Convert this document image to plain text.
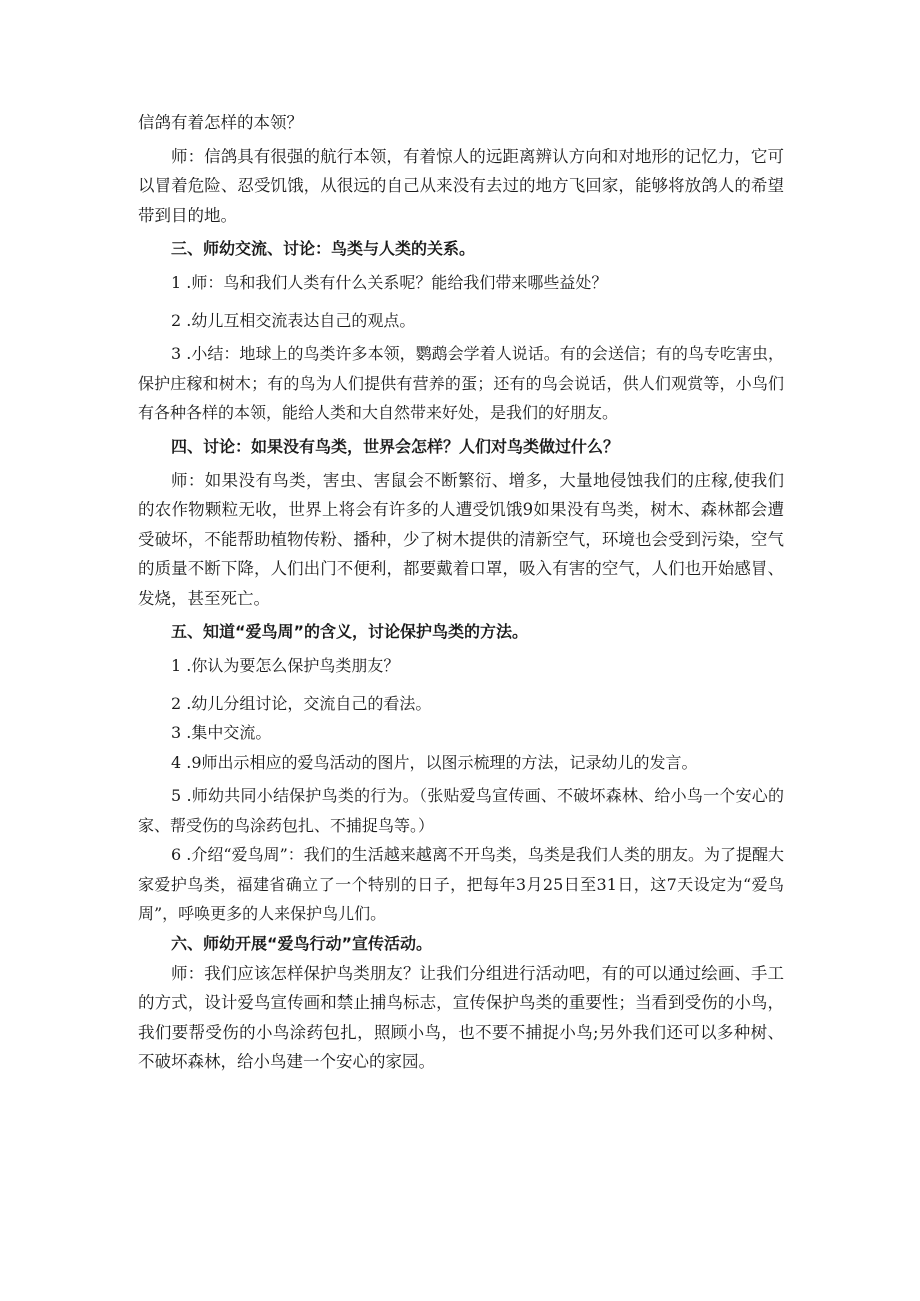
信鸽有着怎样的本领？

师：信鸽具有很强的航行本领，有着惊人的远距离辨认方向和对地形的记忆力，它可以冒着危险、忍受饥饿，从很远的自己从来没有去过的地方飞回家，能够将放鸽人的希望带到目的地。

三、师幼交流、讨论：鸟类与人类的关系。

1 .师：鸟和我们人类有什么关系呢？能给我们带来哪些益处？

2 .幼儿互相交流表达自己的观点。

3 .小结：地球上的鸟类许多本领，鹦鹉会学着人说话。有的会送信；有的鸟专吃害虫，保护庄稼和树木；有的鸟为人们提供有营养的蛋；还有的鸟会说话，供人们观赏等，小鸟们有各种各样的本领，能给人类和大自然带来好处，是我们的好朋友。

四、讨论：如果没有鸟类，世界会怎样？人们对鸟类做过什么？

师：如果没有鸟类，害虫、害鼠会不断繁衍、增多，大量地侵蚀我们的庄稼,使我们的农作物颗粒无收，世界上将会有许多的人遭受饥饿9如果没有鸟类，树木、森林都会遭受破坏，不能帮助植物传粉、播种，少了树木提供的清新空气，环境也会受到污染，空气的质量不断下降，人们出门不便利，都要戴着口罩，吸入有害的空气，人们也开始感冒、发烧，甚至死亡。

五、知道“爱鸟周”的含义，讨论保护鸟类的方法。

1 .你认为要怎么保护鸟类朋友？

2 .幼儿分组讨论，交流自己的看法。

3 .集中交流。

4 .9师出示相应的爱鸟活动的图片，以图示梳理的方法，记录幼儿的发言。

5 .师幼共同小结保护鸟类的行为。（张贴爱鸟宣传画、不破坏森林、给小鸟一个安心的家、帮受伤的鸟涂药包扎、不捕捉鸟等。）

6 .介绍“爱鸟周”：我们的生活越来越离不开鸟类，鸟类是我们人类的朋友。为了提醒大家爱护鸟类，福建省确立了一个特别的日子，把每年3月25日至31日，这7天设定为“爱鸟周”，呼唤更多的人来保护鸟儿们。

六、师幼开展“爱鸟行动”宣传活动。

师：我们应该怎样保护鸟类朋友？让我们分组进行活动吧，有的可以通过绘画、手工的方式，设计爱鸟宣传画和禁止捕鸟标志，宣传保护鸟类的重要性；当看到受伤的小鸟，我们要帮受伤的小鸟涂药包扎，照顾小鸟，也不要不捕捉小鸟;另外我们还可以多种树、不破坏森林，给小鸟建一个安心的家园。
